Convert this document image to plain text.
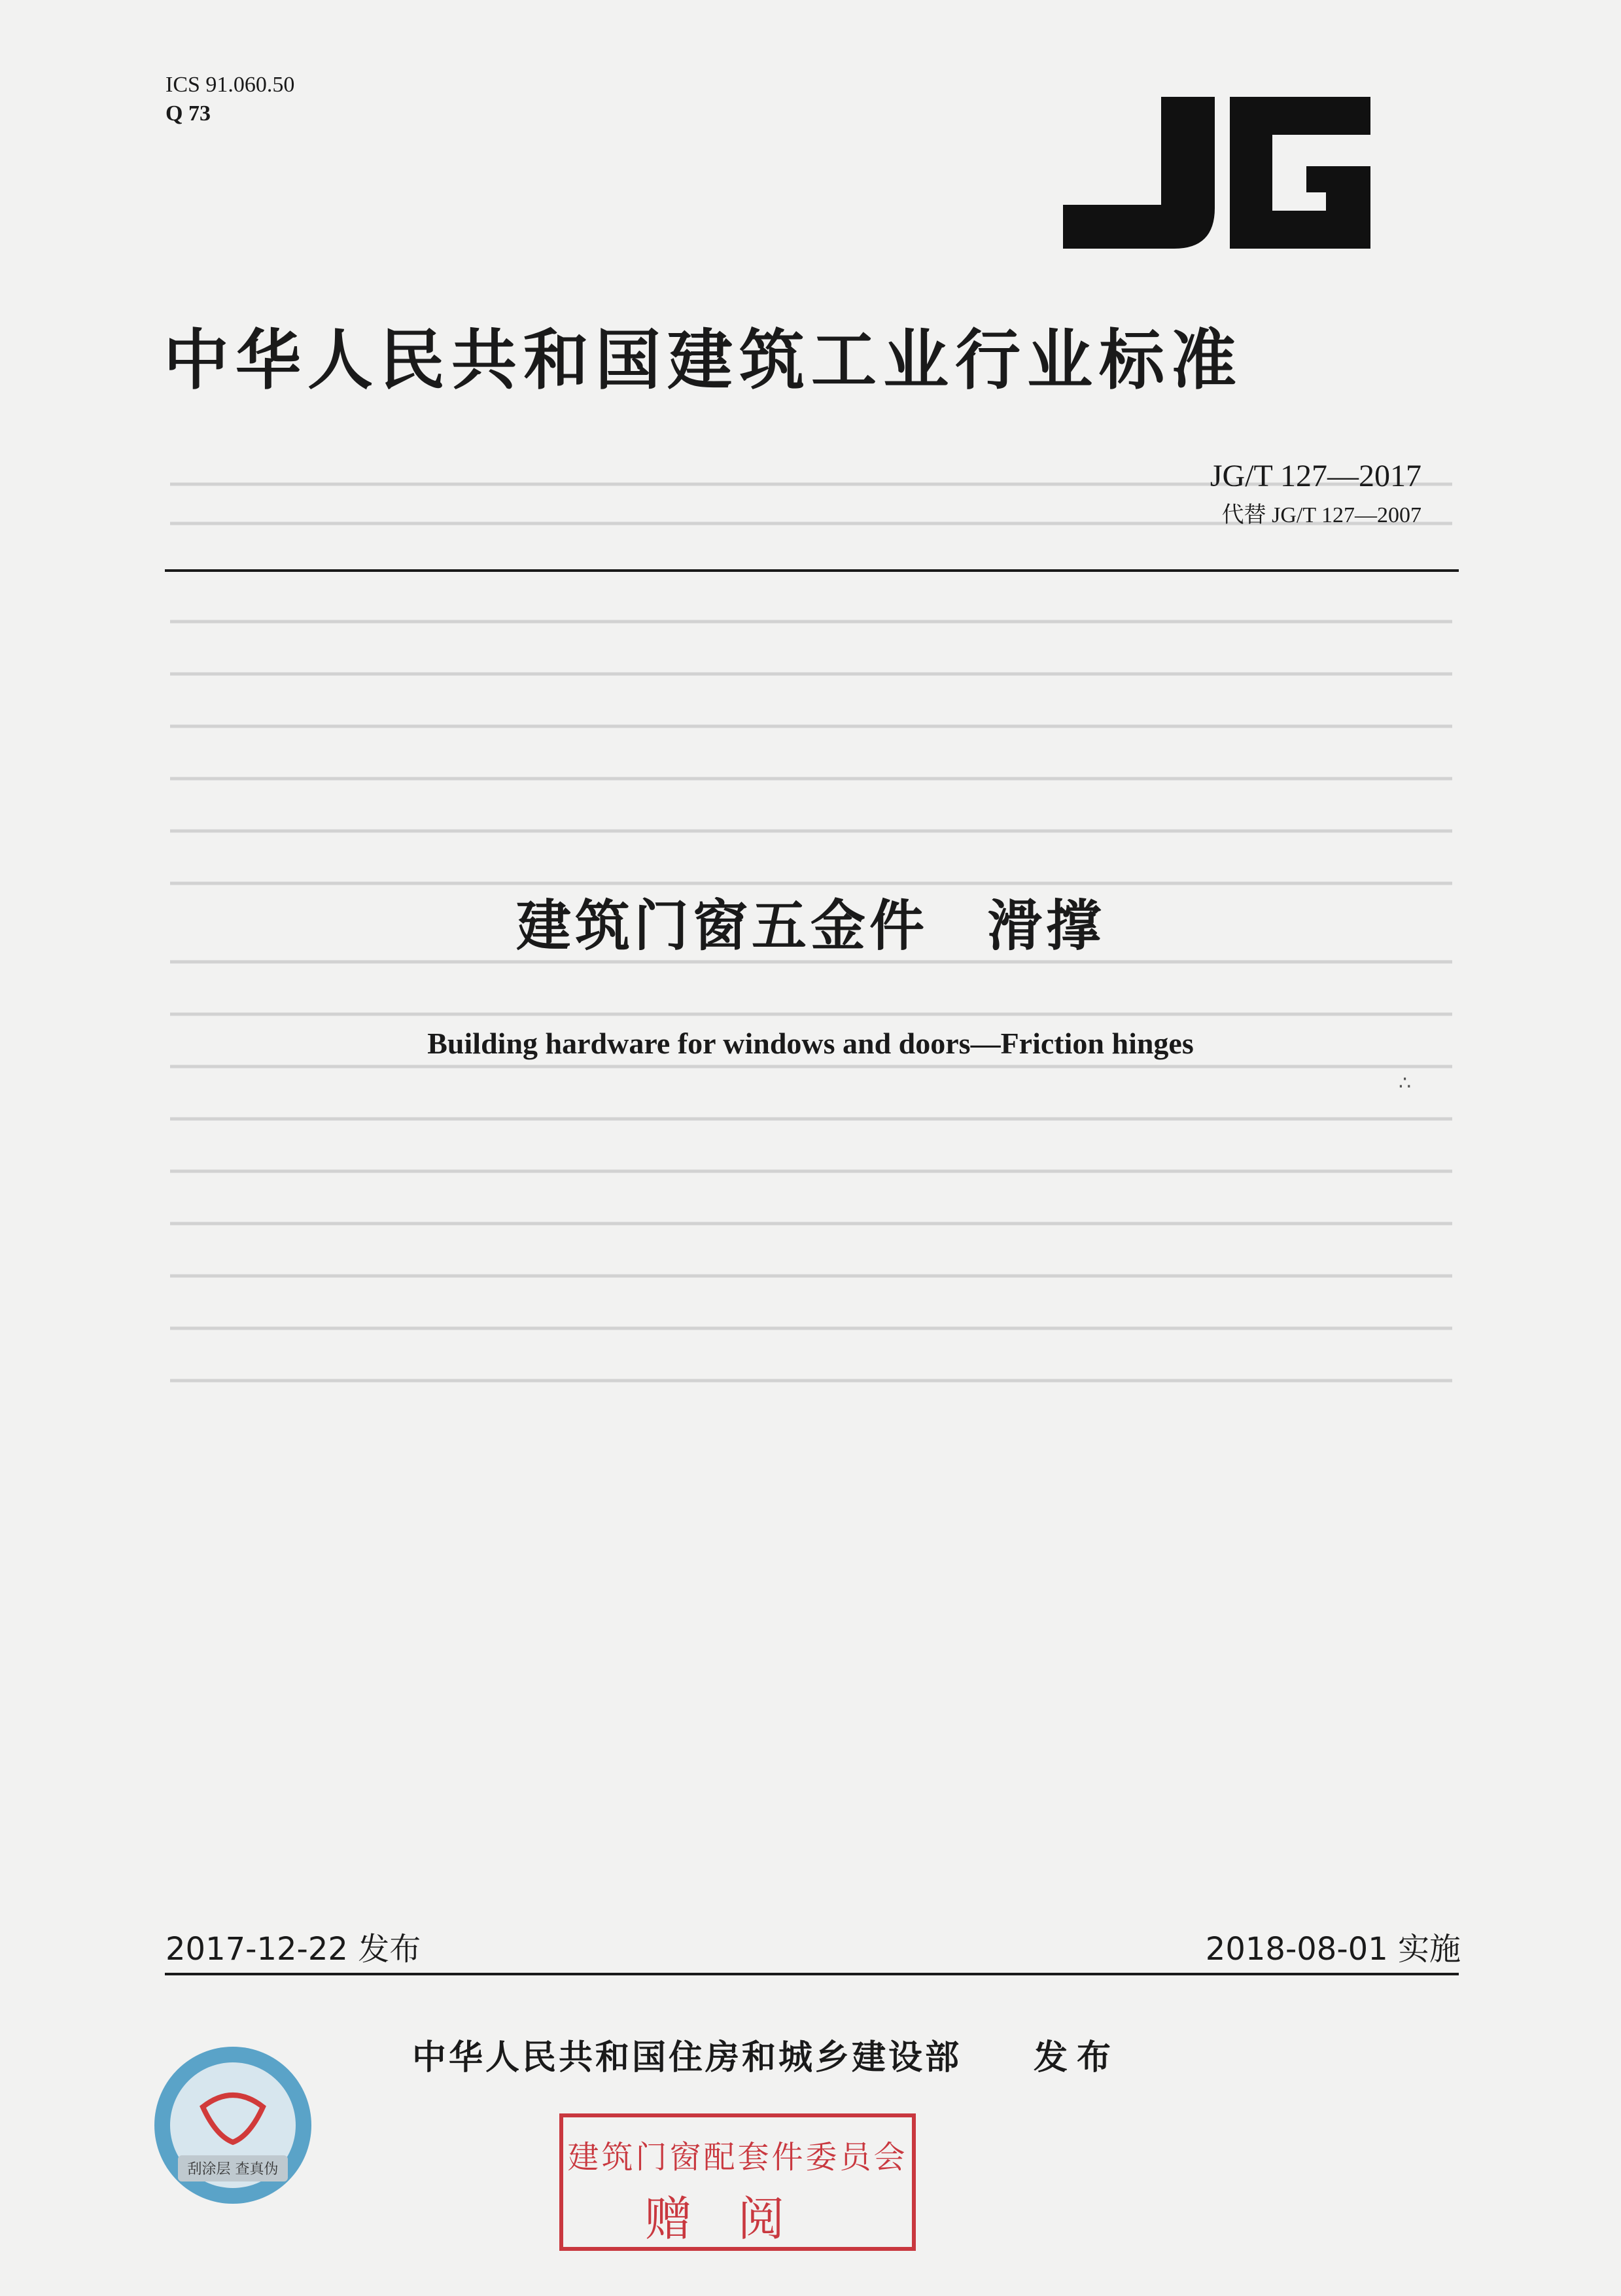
ICS 91.060.50
Q 73
中华人民共和国建筑工业行业标准
JG/T 127—2017
代替 JG/T 127—2007
建筑门窗五金件　滑撑
Building hardware for windows and doors—Friction hinges
∴
2017-12-22 发布	2018-08-01 实施
中华人民共和国住房和城乡建设部 发布
刮涂层 查真伪	建筑门窗配套件委员会
赠阅
